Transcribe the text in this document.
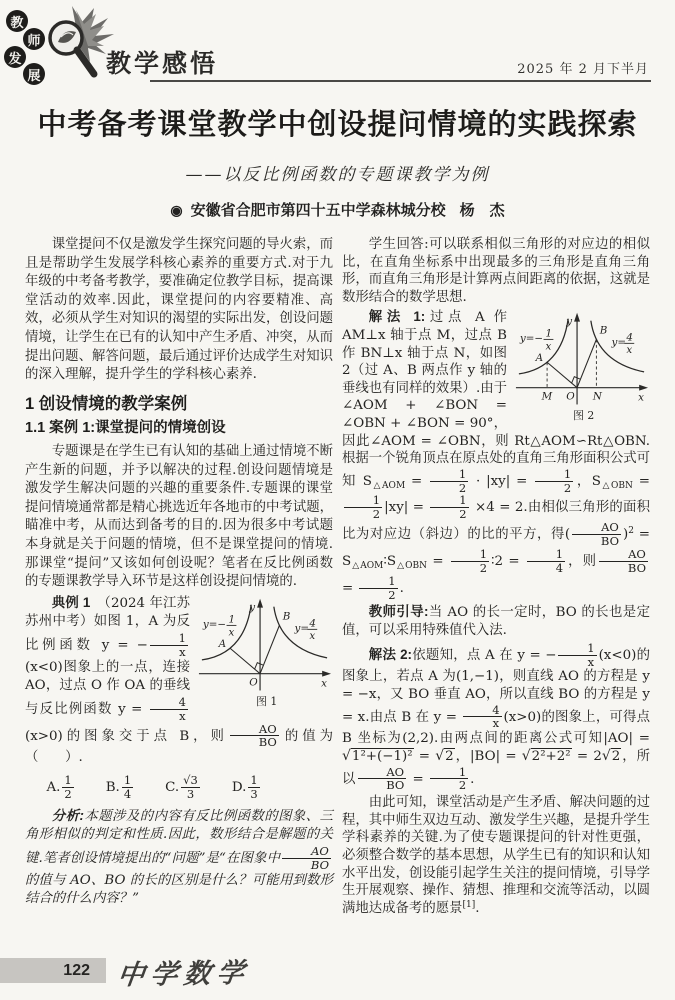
教
师
发
展	教学感悟	2025 年 2 月下半月
中考备考课堂教学中创设提问情境的实践探索
——以反比例函数的专题课教学为例
◉ 安徽省合肥市第四十五中学森林城分校 杨　杰

课堂提问不仅是激发学生探究问题的导火索，而且是帮助学生发展学科核心素养的重要方式.对于九年级的中考备考教学，要准确定位教学目标，提高课堂活动的效率.因此，课堂提问的内容要精准、高效，必须从学生对知识的渴望的实际出发，创设问题情境，让学生在已有的认知中产生矛盾、冲突，从而提出问题、解答问题，最后通过评价达成学生对知识的深入理解，提升学生的学科核心素养.

1 创设情境的教学案例
1.1 案例 1:课堂提问的情境创设

专题课是在学生已有认知的基础上通过情境不断产生新的问题，并予以解决的过程.创设问题情境是激发学生解决问题的兴趣的重要条件.专题课的课堂提问情境通常都是精心挑选近年各地市的中考试题，瞄准中考，从而达到备考的目的.因为很多中考试题本身就是关于问题的情境，但不是课堂提问的情境.那课堂“提问”又该如何创设呢？笔者在反比例函数的专题课教学导入环节是这样创设提问情境的.

A
B
O	x
y
y=− 1
x	y= 4
x
图 1

典例 1　（2024 年江苏苏州中考）如图 1，A 为反比例函数 y = − $\frac{1}{x}$
(x<0)图象上的一点，连接 AO，过点 O 作 OA 的垂线与反比例函数 $y = \frac{4}{x}$
(x>0)的图象交于点 B，则 $\frac{AO}{BO}$ 的值为（　　）.

A. $\frac{1}{2} B$. $\frac{1}{4} C$. $\frac{√3}{3} D$. $\frac{1}{3}$

分析:本题涉及的内容有反比例函数的图象、三角形相似的判定和性质.因此，数形结合是解题的关键.笔者创设情境提出的“问题”是“在图象中 $\frac{AO}{BO}$
的值与 AO、BO 的长的区别是什么？可能用到数形结合的什么内容？”

学生回答:可以联系相似三角形的对应边的相似比，在直角坐标系中出现最多的三角形是直角三角形，而直角三角形是计算两点间距离的依据，这就是数形结合的数学思想.

A
B
M O N	x
y
y=− 1
x	y= 4
x
图 2

解法 1:过点 A 作 AM⊥x 轴于点 M，过点 B 作 BN⊥x 轴于点 N，如图 2（过 A、B 两点作 y 轴的垂线也有同样的效果）.由于 ∠AOM + ∠BON = ∠OBN + ∠BON = 90°，因此∠AOM = ∠OBN，则 Rt△AOM∽Rt△OBN.根据一个锐角顶点在原点处的直角三角形面积公式可知 $S_{\triangle AOM} = \frac{1}{2} \cdot |xy| = \frac{1}{2}$ ，$S_{\triangle OBN}$ =
$\frac{1}{2} |xy| = \frac{1}{2} \times 4 = 2$.由相似三角形的面积比为对应边（斜边）的比的平方，得( $\frac{AO}{BO} )^2$ = $S_{\triangle AOM}∶S_{\triangle OBN} = \frac{1}{2}$ ∶2 = $\frac{1}{4}$ ，则 $\frac{AO}{BO}$
= $\frac{1}{2}$ .

教师引导:当 AO 的长一定时，BO 的长也是定值，可以采用特殊值代入法.

解法 2:依题知，点 A 在 y = − $\frac{1}{x} (x<0)$的图象上，若点 A 为(1,−1)，则直线 AO 的方程是 y = −x，又 BO 垂直 AO，所以直线 BO 的方程是 y = x.由点 B 在 $y = \frac{4}{x} (x>0)$的图象上，可得点 B 坐标为(2,2).由两点间的距离公式可知|AO| = √1²+(−1)² = √2，|BO| = √2²+2² = 2√2，所以 $\frac{AO}{BO} = \frac{1}{2}$ .

由此可知，课堂活动是产生矛盾、解决问题的过程，其中师生双边互动、激发学生兴趣，是提升学生学科素养的关键.为了使专题课提问的针对性更强，必须整合数学的基本思想，从学生已有的知识和认知水平出发，创设能引起学生关注的提问情境，引导学生开展观察、操作、猜想、推理和交流等活动，以圆满地达成备考的愿景[1].

122 中学数学
